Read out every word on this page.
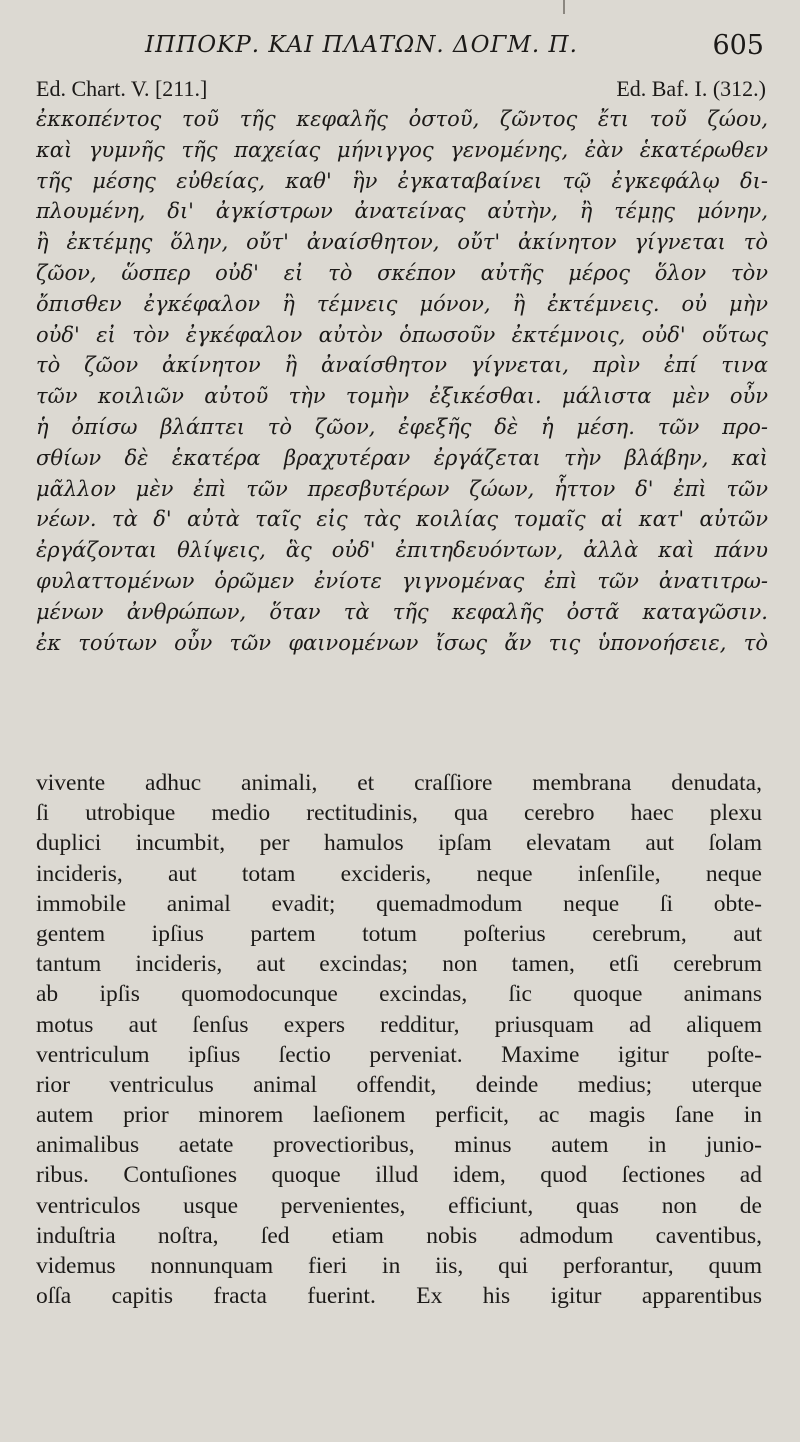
ΙΠΠΟΚΡ. ΚΑΙ ΠΛΑΤΩΝ. ΔΟΓΜ. Π.	605
Ed. Chart. V. [211.]	Ed. Baf. I. (312.)
ἐκκοπέντος τοῦ τῆς κεφαλῆς ὀστοῦ, ζῶντος ἔτι τοῦ ζώου,
καὶ γυμνῆς τῆς παχείας μήνιγγος γενομένης, ἐὰν ἑκατέρωθεν
τῆς μέσης εὐθείας, καθ' ἣν ἐγκαταβαίνει τῷ ἐγκεφάλῳ δι-
πλουμένη, δι' ἀγκίστρων ἀνατείνας αὐτὴν, ἢ τέμῃς μόνην,
ἢ ἐκτέμῃς ὅλην, οὔτ' ἀναίσθητον, οὔτ' ἀκίνητον γίγνεται τὸ
ζῶον, ὥσπερ οὐδ' εἰ τὸ σκέπον αὐτῆς μέρος ὅλον τὸν
ὄπισθεν ἐγκέφαλον ἢ τέμνεις μόνον, ἢ ἐκτέμνεις. οὐ μὴν
οὐδ' εἰ τὸν ἐγκέφαλον αὐτὸν ὁπωσοῦν ἐκτέμνοις, οὐδ' οὕτως
τὸ ζῶον ἀκίνητον ἢ ἀναίσθητον γίγνεται, πρὶν ἐπί τινα
τῶν κοιλιῶν αὐτοῦ τὴν τομὴν ἐξικέσθαι. μάλιστα μὲν οὖν
ἡ ὀπίσω βλάπτει τὸ ζῶον, ἐφεξῆς δὲ ἡ μέση. τῶν προ-
σθίων δὲ ἑκατέρα βραχυτέραν ἐργάζεται τὴν βλάβην, καὶ
μᾶλλον μὲν ἐπὶ τῶν πρεσβυτέρων ζώων, ἧττον δ' ἐπὶ τῶν
νέων. τὰ δ' αὐτὰ ταῖς εἰς τὰς κοιλίας τομαῖς αἱ κατ' αὐτῶν
ἐργάζονται θλίψεις, ἃς οὐδ' ἐπιτηδευόντων, ἀλλὰ καὶ πάνυ
φυλαττομένων ὁρῶμεν ἐνίοτε γιγνομένας ἐπὶ τῶν ἀνατιτρω-
μένων ἀνθρώπων, ὅταν τὰ τῆς κεφαλῆς ὀστᾶ καταγῶσιν.
ἐκ τούτων οὖν τῶν φαινομένων ἴσως ἄν τις ὑπονοήσειε, τὸ
vivente adhuc animali, et craſſiore membrana denudata,
ſi utrobique medio rectitudinis, qua cerebro haec plexu
duplici incumbit, per hamulos ipſam elevatam aut ſolam
incideris, aut totam excideris, neque inſenſile, neque
immobile animal evadit; quemadmodum neque ſi obte-
gentem ipſius partem totum poſterius cerebrum, aut
tantum incideris, aut excindas; non tamen, etſi cerebrum
ab ipſis quomodocunque excindas, ſic quoque animans
motus aut ſenſus expers redditur, priusquam ad aliquem
ventriculum ipſius ſectio perveniat. Maxime igitur poſte-
rior ventriculus animal offendit, deinde medius; uterque
autem prior minorem laeſionem perficit, ac magis ſane in
animalibus aetate provectioribus, minus autem in junio-
ribus. Contuſiones quoque illud idem, quod ſectiones ad
ventriculos usque pervenientes, efficiunt, quas non de
induſtria noſtra, ſed etiam nobis admodum caventibus,
videmus nonnunquam fieri in iis, qui perforantur, quum
oſſa capitis fracta fuerint. Ex his igitur apparentibus
